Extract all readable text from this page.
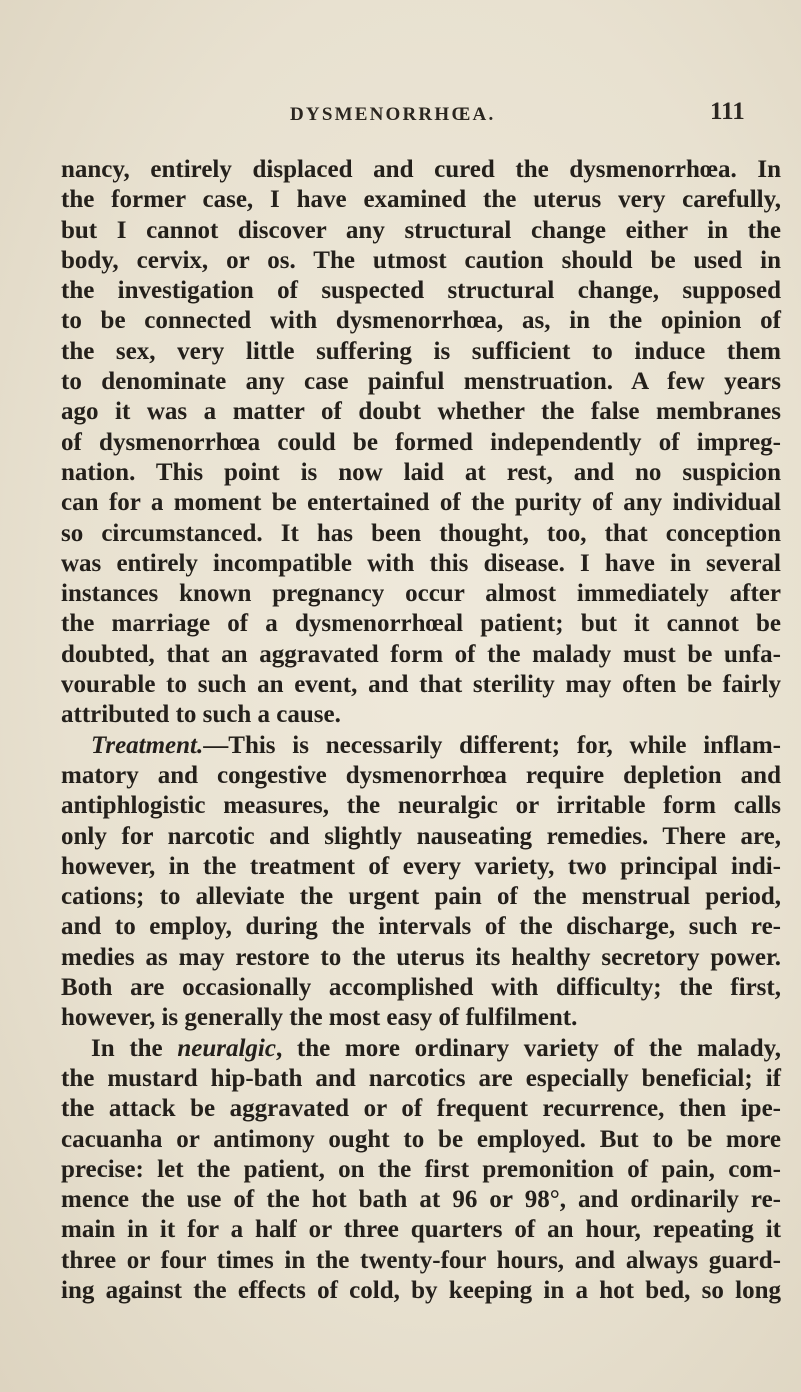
DYSMENORRHŒA.	111
nancy, entirely displaced and cured the dysmenorrhœa. In
the former case, I have examined the uterus very carefully,
but I cannot discover any structural change either in the
body, cervix, or os. The utmost caution should be used in
the investigation of suspected structural change, supposed
to be connected with dysmenorrhœa, as, in the opinion of
the sex, very little suffering is sufficient to induce them
to denominate any case painful menstruation. A few years
ago it was a matter of doubt whether the false membranes
of dysmenorrhœa could be formed independently of impreg-
nation. This point is now laid at rest, and no suspicion
can for a moment be entertained of the purity of any individual
so circumstanced. It has been thought, too, that conception
was entirely incompatible with this disease. I have in several
instances known pregnancy occur almost immediately after
the marriage of a dysmenorrhœal patient; but it cannot be
doubted, that an aggravated form of the malady must be unfa-
vourable to such an event, and that sterility may often be fairly
attributed to such a cause.
Treatment.—This is necessarily different; for, while inflam-
matory and congestive dysmenorrhœa require depletion and
antiphlogistic measures, the neuralgic or irritable form calls
only for narcotic and slightly nauseating remedies. There are,
however, in the treatment of every variety, two principal indi-
cations; to alleviate the urgent pain of the menstrual period,
and to employ, during the intervals of the discharge, such re-
medies as may restore to the uterus its healthy secretory power.
Both are occasionally accomplished with difficulty; the first,
however, is generally the most easy of fulfilment.
In the neuralgic, the more ordinary variety of the malady,
the mustard hip-bath and narcotics are especially beneficial; if
the attack be aggravated or of frequent recurrence, then ipe-
cacuanha or antimony ought to be employed. But to be more
precise: let the patient, on the first premonition of pain, com-
mence the use of the hot bath at 96 or 98°, and ordinarily re-
main in it for a half or three quarters of an hour, repeating it
three or four times in the twenty-four hours, and always guard-
ing against the effects of cold, by keeping in a hot bed, so long
